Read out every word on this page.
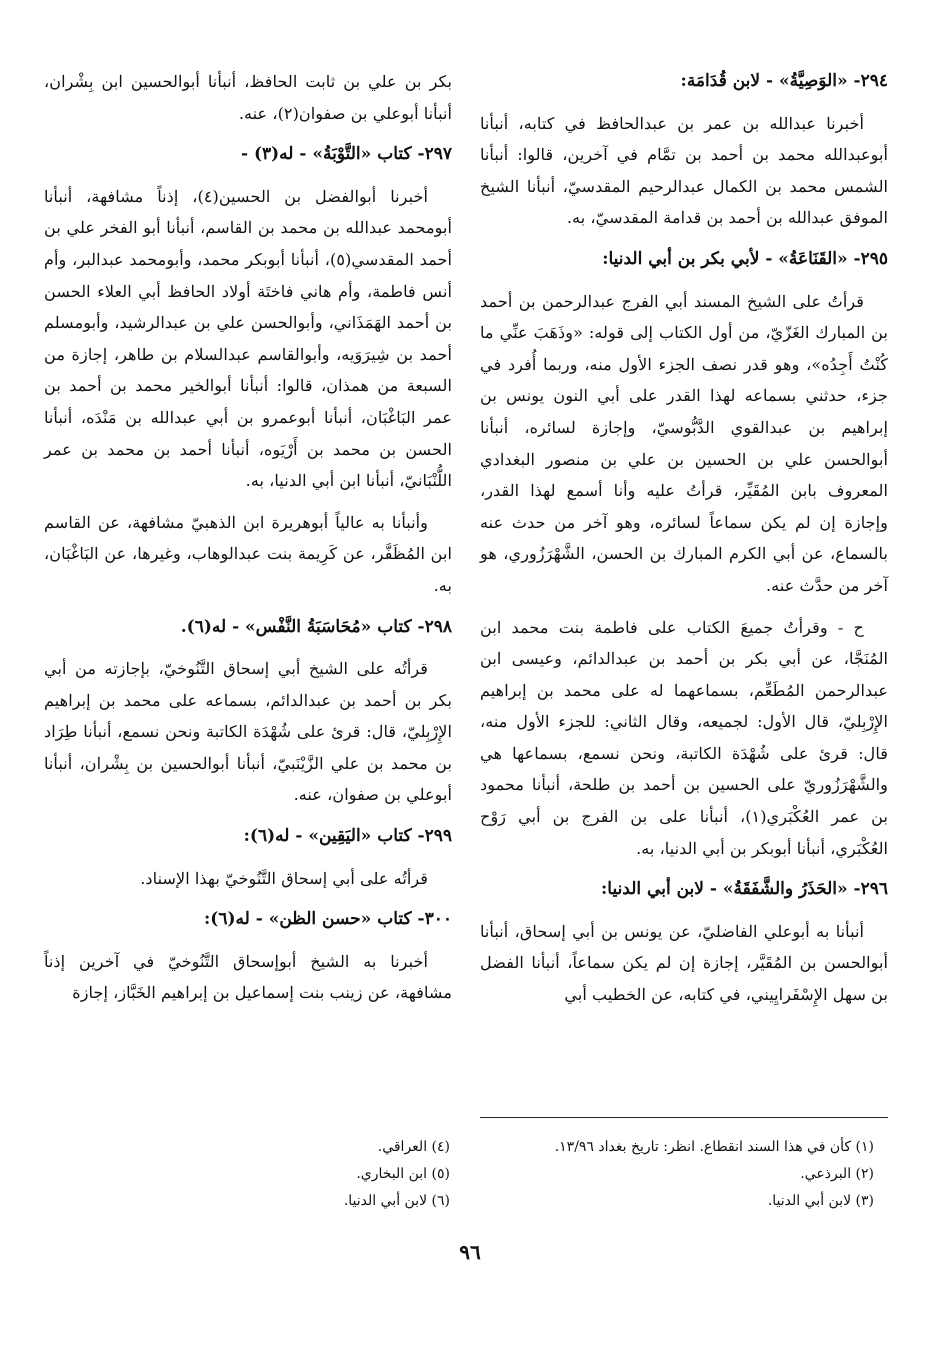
٢٩٤- «الوَصِيَّةُ» - لابن قُدَامَة:

أخبرنا عبدالله بن عمر بن عبدالحافظ في كتابه، أنبأنا أبوعبدالله محمد بن أحمد بن تمَّام في آخرين، قالوا: أنبأنا الشمس محمد بن الكمال عبدالرحيم المقدسيّ، أنبأنا الشيخ الموفق عبدالله بن أحمد بن قدامة المقدسيّ، به.

٢٩٥- «القَنَاعَةُ» - لأبي بكر بن أبي الدنيا:

قرأتُ على الشيخ المسند أبي الفرج عبدالرحمن بن أحمد بن المبارك الغَزّيّ، من أول الكتاب إلى قوله: «وذَهَبَ عنِّي ما كُنْتُ أَجِدُه»، وهو قدر نصف الجزء الأول منه، وربما أُفرد في جزء، حدثني بسماعه لهذا القدر على أبي النون يونس بن إبراهيم بن عبدالقوي الدَّبُّوسيّ، وإجازة لسائره، أنبأنا أبوالحسن علي بن الحسين بن علي بن منصور البغدادي المعروف بابن المُقَيِّر، قرأتُ عليه وأنا أسمع لهذا القدر، وإجازة إن لم يكن سماعاً لسائره، وهو آخر من حدث عنه بالسماع، عن أبي الكرم المبارك بن الحسن، الشَّهْرَزُوري، هو آخر من حدَّث عنه.

ح - وقرأتُ جميعَ الكتاب على فاطمة بنت محمد ابن المُنَجَّا، عن أبي بكر بن أحمد بن عبدالدائم، وعيسى ابن عبدالرحمن المُطَعِّم، بسماعهما له على محمد بن إبراهيم الإِرْبِليّ، قال الأول: لجميعه، وقال الثاني: للجزء الأول منه، قال: قرئ على شُهْدَة الكاتبة، ونحن نسمع، بسماعها هي والشَّهْرَزُوريّ على الحسين بن أحمد بن طلحة، أنبأنا محمود بن عمر العُكْبَري(١)، أنبأنا على بن الفرج بن أبي رَوْح العُكْبَري، أنبأنا أبوبكر بن أبي الدنيا، به.

٢٩٦- «الحَذَرُ والشَّفَقَةُ» - لابن أبي الدنيا:

أنبأنا به أبوعلي الفاضليّ، عن يونس بن أبي إسحاق، أنبأنا أبوالحسن بن المُقَيَّر، إجازة إن لم يكن سماعاً، أنبأنا الفضل بن سهل الإِسْفَرايِيني، في كتابه، عن الخطيب أبي

بكر بن علي بن ثابت الحافظ، أنبأنا أبوالحسين ابن بِشْران، أنبأنا أبوعلي بن صفوان(٢)، عنه.

٢٩٧- كتاب «التَّوْبَةُ» - له(٣) -

أخبرنا أبوالفضل بن الحسين(٤)، إذناً مشافهة، أنبأنا أبومحمد عبدالله بن محمد بن القاسم، أنبأنا أبو الفخر علي بن أحمد المقدسي(٥)، أنبأنا أبوبكر محمد، وأبومحمد عبدالبر، وأم أنس فاطمة، وأم هاني فاختَة أولاد الحافظ أبي العلاء الحسن بن أحمد الهَمَذَاني، وأبوالحسن علي بن عبدالرشيد، وأبومسلم أحمد بن شِيرَوَيه، وأبوالقاسم عبدالسلام بن طاهر، إجازة من السبعة من همذان، قالوا: أنبأنا أبوالخير محمد بن أحمد بن عمر البَاغْبَان، أنبأنا أبوعمرو بن أبي عبدالله بن مَنْدَه، أنبأنا الحسن بن محمد بن أَرْيَوه، أنبأنا أحمد بن محمد بن عمر اللُّنْبَانيّ، أنبأنا ابن أبي الدنيا، به.

وأنبأنا به عالياً أبوهريرة ابن الذهبيّ مشافهة، عن القاسم ابن المُظَفَّر، عن كَرِيمة بنت عبدالوهاب، وغيرها، عن البَاغْبَان، به.

٢٩٨- كتاب «مُحَاسَبَةُ النَّفْس» - له(٦).

قرأتُه على الشيخ أبي إسحاق التَّنُوخيّ، بإجازته من أبي بكر بن أحمد بن عبدالدائم، بسماعه على محمد بن إبراهيم الإِرْبِليّ، قال: قرئ على شُهْدَة الكاتبة ونحن نسمع، أنبأنا طِرَاد بن محمد بن علي الزَّيْنَبيّ، أنبأنا أبوالحسين بن بِشْران، أنبأنا أبوعلي بن صفوان، عنه.

٢٩٩- كتاب «اليَقِين» - له(٦):

قرأتُه على أبي إسحاق التَّنُوخيّ بهذا الإسناد.

٣٠٠- كتاب «حسن الظن» - له(٦):

أخبرنا به الشيخ أبوإسحاق التَّنُوخيّ في آخرين إذناً مشافهة، عن زينب بنت إسماعيل بن إبراهيم الخَبَّاز، إجازة

(١) كأن في هذا السند انقطاع. انظر: تاريخ بغداد ١٣/٩٦.
(٢) البرذعي.
(٣) لابن أبي الدنيا.
(٤) العراقي.
(٥) ابن البخاري.
(٦) لابن أبي الدنيا.
٩٦
